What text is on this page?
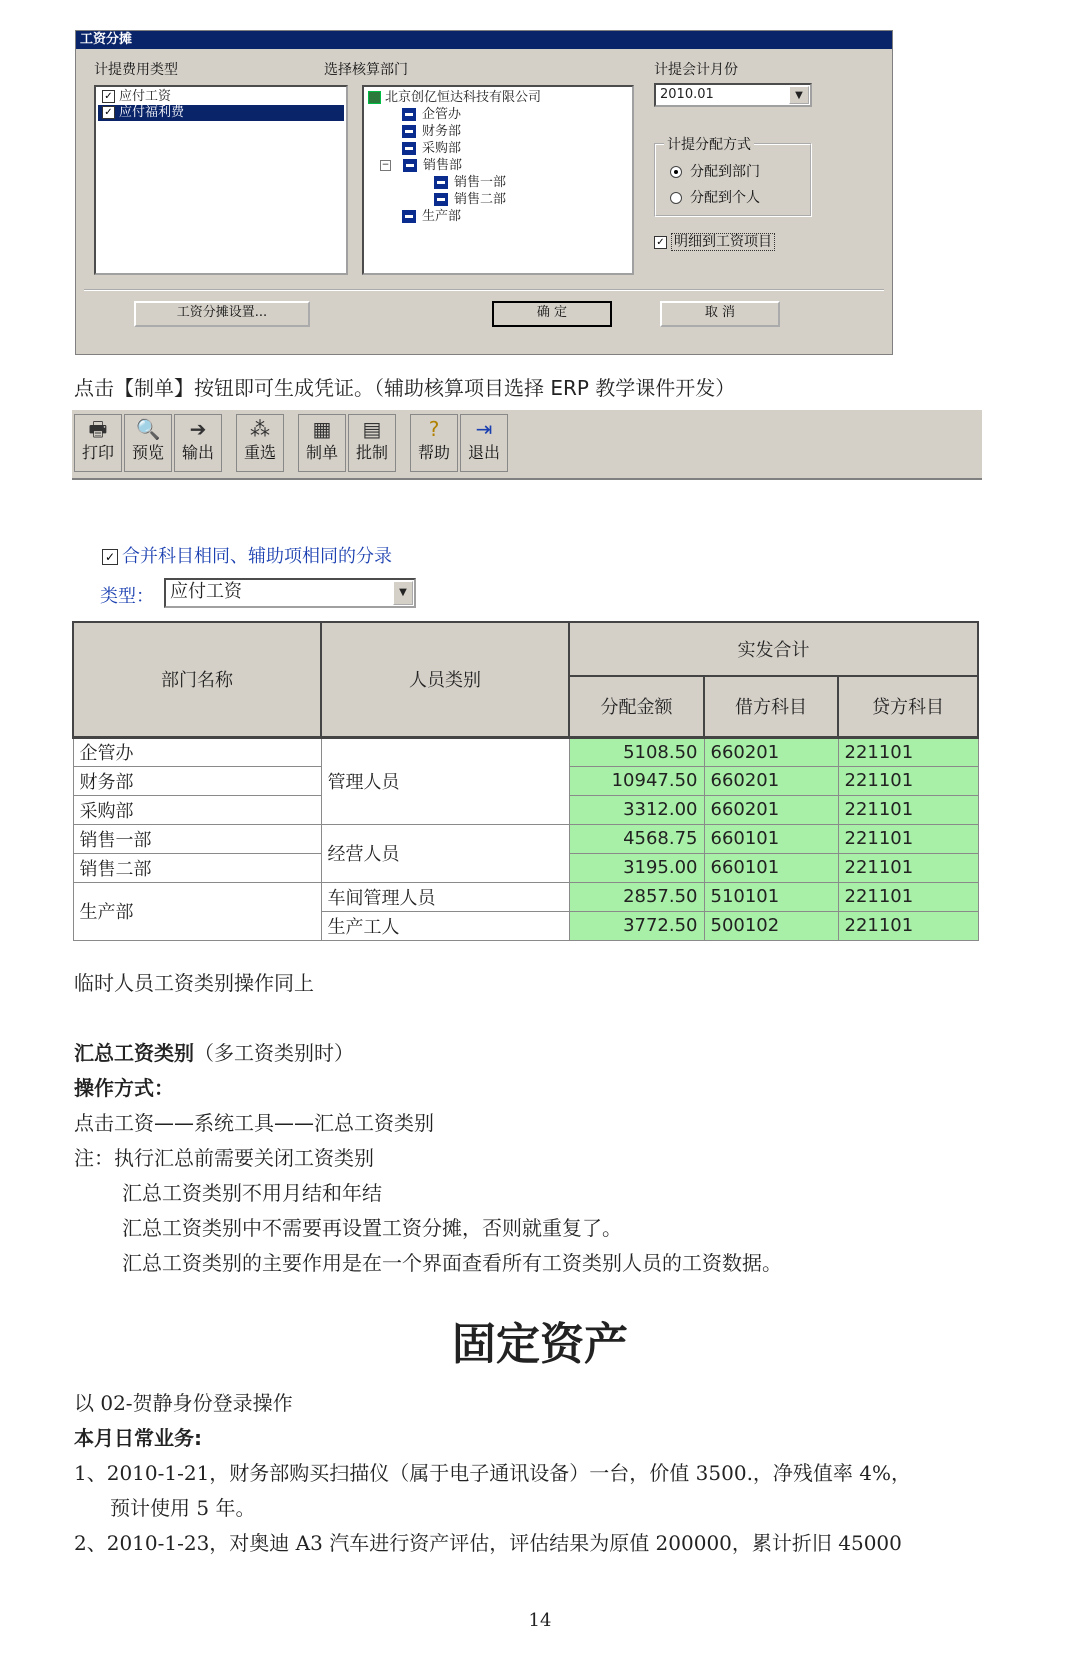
工资分摊
计提费用类型
✓ 应付工资
✓ 应付福利费
选择核算部门
北京创亿恒达科技有限公司
企管办
财务部
采购部
−	销售部
销售一部
销售二部
生产部
计提会计月份
2010.01	▼
计提分配方式
分配到部门
分配到个人
✓ 明细到工资项目
工资分摊设置...	确 定	取 消
点击【制单】按钮即可生成凭证。（辅助核算项目选择 ERP 教学课件开发）
🖶
打印
🔍
预览
➔
输出
⁂
重选
▦
制单
▤
批制
?
帮助
⇥
退出
✓ 合并科目相同、辅助项相同的分录
类型： 应付工资	▼
部门名称	人员类别	实发合计		
		分配金额	借方科目	贷方科目
企管办	管理人员	5108.50	660201	221101
财务部		10947.50	660201	221101
采购部		3312.00	660201	221101
销售一部	经营人员	4568.75	660101	221101
销售二部		3195.00	660101	221101
生产部	车间管理人员	2857.50	510101	221101
	生产工人	3772.50	500102	221101
临时人员工资类别操作同上
汇总工资类别（多工资类别时）
操作方式：
点击工资——系统工具——汇总工资类别
注：执行汇总前需要关闭工资类别
汇总工资类别不用月结和年结
汇总工资类别中不需要再设置工资分摊，否则就重复了。
汇总工资类别的主要作用是在一个界面查看所有工资类别人员的工资数据。
固定资产
以 02-贺静身份登录操作
本月日常业务:
1、2010-1-21，财务部购买扫描仪（属于电子通讯设备）一台，价值 3500.，净残值率 4%，
预计使用 5 年。
2、2010-1-23，对奥迪 A3 汽车进行资产评估，评估结果为原值 200000，累计折旧 45000
14
